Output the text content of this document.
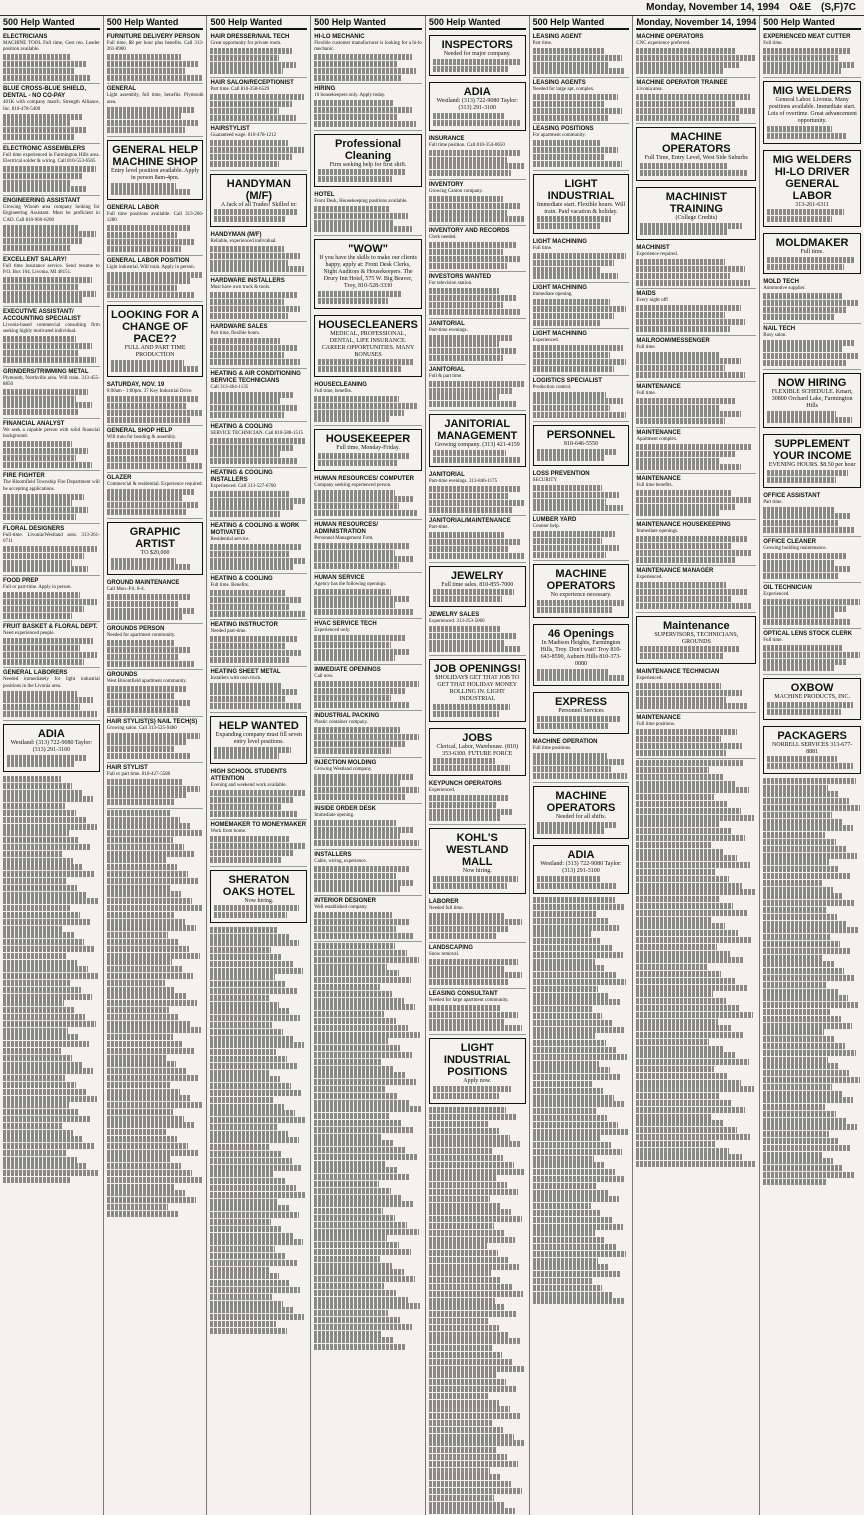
Monday, November 14, 1994 O&E (S,F)7C
500 Help Wanted
ELECTRICIANS
MACHINE TOOL Full time, Gest reo. Leader position available.
BLUE CROSS-BLUE SHIELD, DENTAL - NO CO-PAY
401K with company match. Strength Alliance, Inc. 810-478-5400
ELECTRONIC ASSEMBLERS
Full time experienced in Farmington Hills area. Electrical solder & wiring. Call 810-553-6565
ENGINEERING ASSISTANT
Growing Wixom area company looking for Engineering Assistant. Must be proficient in CAD. Call 810-960-6200
EXCELLENT SALARY!
Full time insurance service. Send resume to P.O. Box 164, Livonia, MI 48151.
EXECUTIVE ASSISTANT/ ACCOUNTING SPECIALIST
Livonia-based commercial consulting firm seeking highly motivated individual.
GRINDERS/TRIMMING METAL
Plymouth, Northville area. Will train. 313-455-8850
FINANCIAL ANALYST
We seek a capable person with solid financial background.
FIRE FIGHTER
The Bloomfield Township Fire Department will be accepting applications.
FLORAL DESIGNERS
Full-time. Livonia/Westland area. 313-261-6711
FOOD PREP
Full or part-time. Apply in person.
FRUIT BASKET & FLORAL DEPT.
Need experienced people.
GENERAL LABORERS
Needed immediately for light industrial positions in the Livonia area.
ADIA
Westland: (313) 722-9080 Taylor: (313) 291-3100
500 Help Wanted
FURNITURE DELIVERY PERSON
Full time, $8 per hour plus benefits. Call 313-261-8900
GENERAL
Light assembly, full time, benefits. Plymouth area.
GENERAL HELP MACHINE SHOP
Entry level position available. Apply in person 8am-4pm.
GENERAL LABOR
Full time positions available. Call 313-266-1280
GENERAL LABOR POSITION
Light industrial. Will train. Apply in person.
LOOKING FOR A CHANGE OF PACE??
FULL AND PART TIME PRODUCTION
SATURDAY, NOV. 19
9:00am - 1:00pm. 37 Key Industrial Drive.
GENERAL SHOP HELP
Will train for bending & assembly.
GLAZER
Commercial & residential. Experience required.
GRAPHIC ARTIST
TO $20,000
GROUND MAINTENANCE
Call Mon.-Fri. 8-4.
GROUNDS PERSON
Needed for apartment community.
GROUNDS
West Bloomfield apartment community.
HAIR STYLIST(S) NAIL TECH(S)
Growing salon. Call 313-525-9480
HAIR STYLIST
Full or part time. 810-427-5580
500 Help Wanted
HAIR DRESSER/NAIL TECH
Great opportunity for private room.
HAIR SALON/RECEPTIONIST
Part time. Call 810-258-6529
HAIRSTYLIST
Guaranteed wage. 810-478-1212
HANDYMAN (M/F)
A Jack of all Trades! Skilled in:
HANDYMAN (M/F)
Reliable, experienced individual.
HARDWARE INSTALLERS
Must have own truck & tools.
HARDWARE SALES
Part time, flexible hours.
HEATING & AIR CONDITIONING SERVICE TECHNICIANS
Call 313-464-1135
HEATING & COOLING
SERVICE TECHNICIAN. Call 810-588-1515
HEATING & COOLING INSTALLERS
Experienced. Call 313-527-6700
HEATING & COOLING & WORK MOTIVATED
Residential service.
HEATING & COOLING
Full time. Benefits.
HEATING INSTRUCTOR
Needed part-time.
HEATING SHEET METAL
Installers with own truck.
HELP WANTED
Expanding company must fill seven entry level positions.
HIGH SCHOOL STUDENTS ATTENTION
Evening and weekend work available.
HOMEMAKER TO MONEYMAKER
Work from home.
SHERATON OAKS HOTEL
Now hiring.
500 Help Wanted
HI-LO MECHANIC
Flexible customer manufacturer is looking for a hi-lo mechanic.
HIRING
10 housekeepers only. Apply today.
Professional Cleaning
Firm seeking help for first shift.
HOTEL
Front Desk, Housekeeping positions available.
"WOW"
If you have the skills to make our clients happy, apply at: Front Desk Clerks, Night Auditors & Housekeepers. The Drury Inn Hotel, 575 W. Big Beaver, Troy, 810-528-3330
HOUSECLEANERS
MEDICAL, PROFESSIONAL, DENTAL, LIFE INSURANCE. CAREER OPPORTUNITIES. MANY BONUSES
HOUSECLEANING
Full time, benefits.
HOUSEKEEPER
Full time, Monday-Friday.
HUMAN RESOURCES/ COMPUTER
Company seeking experienced person.
HUMAN RESOURCES/ ADMINISTRATION
Personnel Management Firm.
HUMAN SERVICE
Agency has the following openings.
HVAC SERVICE TECH
Experienced only.
IMMEDIATE OPENINGS
Call now.
INDUSTRIAL PACKING
Plastic container company.
INJECTION MOLDING
Growing Westland company.
INSIDE ORDER DESK
Immediate opening.
INSTALLERS
Cable, wiring, experience.
INTERIOR DESIGNER
Well established company.
500 Help Wanted
INSPECTORS
Needed for major company.
ADIA
Westland: (313) 722-9080 Taylor: (313) 291-3100
INSURANCE
Full time position. Call 810-354-0650
INVENTORY
Growing Canton company.
INVENTORY AND RECORDS
Clerk needed.
INVESTORS WANTED
For television station.
JANITORIAL
Part-time evenings.
JANITORIAL
Full & part time.
JANITORIAL MANAGEMENT
Growing company. (313) 421-4159
JANITORIAL
Part-time evenings. 313-846-1175
JANITORIAL/MAINTENANCE
Part-time.
JEWELRY
Full time sales. 810-855-7000
JEWELRY SALES
Experienced. 313-253-5066
JOB OPENINGS!
$HOLIDAY$ GET THAT JOB TO GET THAT HOLIDAY MONEY ROLLING IN. LIGHT INDUSTRIAL
JOBS
Clerical, Labor, Warehouse. (810) 353-6300. FUTURE FORCE
KEYPUNCH OPERATORS
Experienced.
KOHL'S WESTLAND MALL
Now hiring.
LABORER
Needed full time.
LANDSCAPING
Snow removal.
LEASING CONSULTANT
Needed for large apartment community.
LIGHT INDUSTRIAL POSITIONS
Apply now.
500 Help Wanted
LEASING AGENT
Part time.
LEASING AGENTS
Needed for large apt. complex.
LEASING POSITIONS
For apartment community.
LIGHT INDUSTRIAL
Immediate start. Flexible hours. Will train. Paid vacation & holiday.
LIGHT MACHINING
Full time.
LIGHT MACHINING
Immediate opening.
LIGHT MACHINING
Experienced.
LOGISTICS SPECIALIST
Production control.
PERSONNEL
810-646-5550
LOSS PREVENTION
SECURITY
LUMBER YARD
Counter help.
MACHINE OPERATORS
No experience necessary.
46 Openings
In Madison Heights, Farmington Hills, Troy. Don't wait! Troy 810-643-8590, Auburn Hills 810-373-0080
EXPRESS
Personnel Services
MACHINE OPERATION
Full time positions.
MACHINE OPERATORS
Needed for all shifts.
ADIA
Westland: (313) 722-9080 Taylor: (313) 291-3100
Monday, November 14, 1994
MACHINE OPERATORS
CNC experience preferred.
MACHINE OPERATOR TRAINEE
Livonia area.
MACHINE OPERATORS
Full Time, Entry Level, West Side Suburbs
MACHINIST TRAINING
(College Credits)
MACHINIST
Experience required.
MAIDS
Every night off!
MAILROOM/MESSENGER
Full time.
MAINTENANCE
Full time.
MAINTENANCE
Apartment complex.
MAINTENANCE
Full time benefits.
MAINTENANCE HOUSEKEEPING
Immediate openings.
MAINTENANCE MANAGER
Experienced.
Maintenance
SUPERVISORS, TECHNICIANS, GROUNDS
MAINTENANCE TECHNICIAN
Experienced.
MAINTENANCE
Full time positions.
500 Help Wanted
EXPERIENCED MEAT CUTTER
Full time.
MIG WELDERS
General Labor. Livonia. Many positions available. Immediate start. Lots of overtime. Great advancement opportunity.
MIG WELDERS HI-LO DRIVER GENERAL LABOR
313-261-6311
MOLDMAKER
Full time.
MOLD TECH
Automotive supplier.
NAIL TECH
Busy salon.
NOW HIRING
FLEXIBLE SCHEDULE. Kmart, 30800 Orchard Lake, Farmington Hills
SUPPLEMENT YOUR INCOME
EVENING HOURS. $8.50 per hour
OFFICE ASSISTANT
Part time.
OFFICE CLEANER
Growing building maintenance.
OIL TECHNICIAN
Experienced.
OPTICAL LENS STOCK CLERK
Full time.
OXBOW
MACHINE PRODUCTS, INC.
PACKAGERS
NORRELL SERVICES 313-677-8881
